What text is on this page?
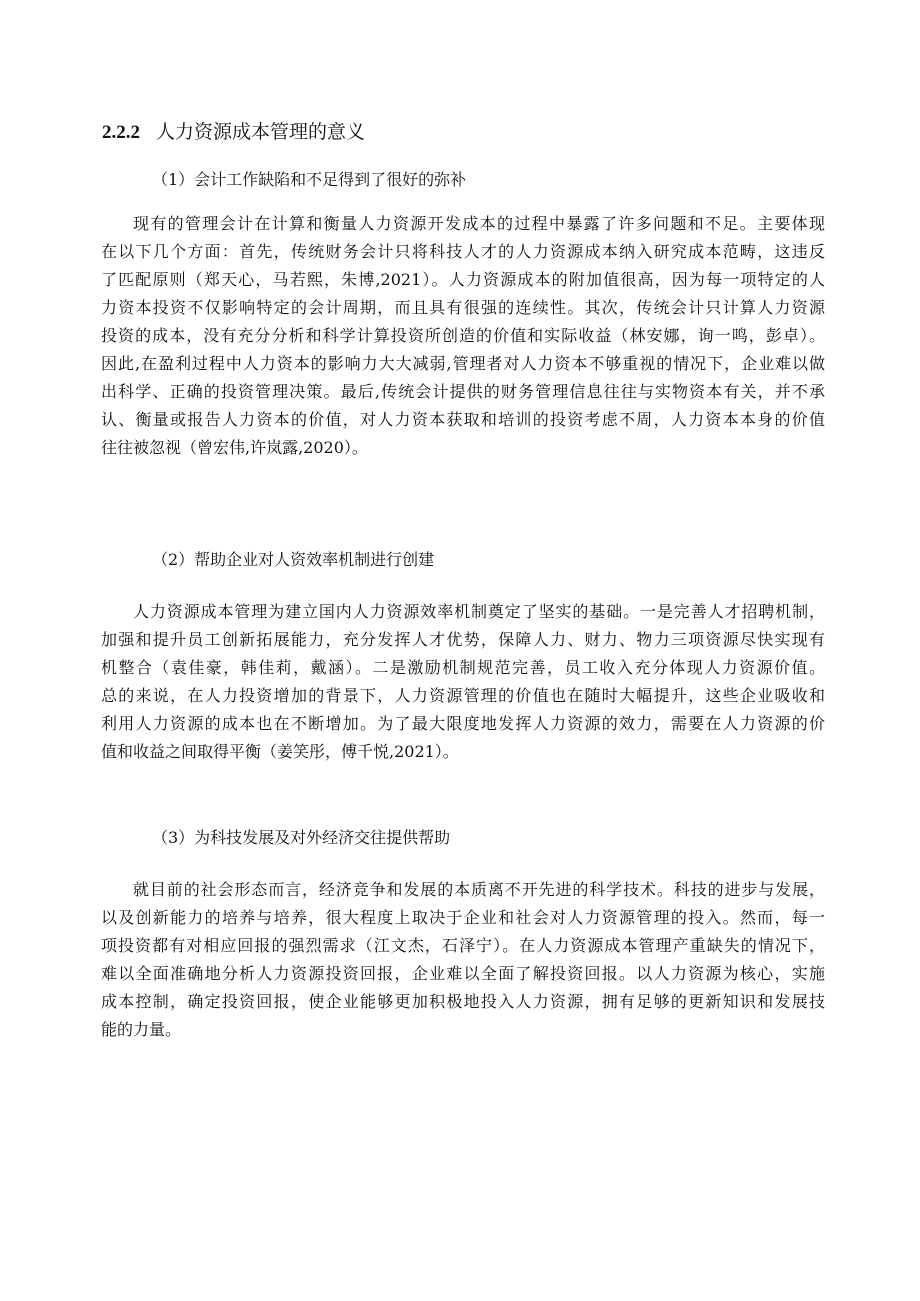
2.2.2 人力资源成本管理的意义
（1）会计工作缺陷和不足得到了很好的弥补
现有的管理会计在计算和衡量人力资源开发成本的过程中暴露了许多问题和不足。主要体现
在以下几个方面：首先，传统财务会计只将科技人才的人力资源成本纳入研究成本范畴，这违反
了匹配原则（郑天心，马若熙，朱博,2021）。人力资源成本的附加值很高，因为每一项特定的人
力资本投资不仅影响特定的会计周期，而且具有很强的连续性。其次，传统会计只计算人力资源
投资的成本，没有充分分析和科学计算投资所创造的价值和实际收益（林安娜，询一鸣，彭卓）。
因此,在盈利过程中人力资本的影响力大大减弱,管理者对人力资本不够重视的情况下，企业难以做
出科学、正确的投资管理决策。最后,传统会计提供的财务管理信息往往与实物资本有关，并不承
认、衡量或报告人力资本的价值，对人力资本获取和培训的投资考虑不周，人力资本本身的价值
往往被忽视（曾宏伟,许岚露,2020）。
（2）帮助企业对人资效率机制进行创建
人力资源成本管理为建立国内人力资源效率机制奠定了坚实的基础。一是完善人才招聘机制，
加强和提升员工创新拓展能力，充分发挥人才优势，保障人力、财力、物力三项资源尽快实现有
机整合（袁佳豪，韩佳莉，戴涵）。二是激励机制规范完善，员工收入充分体现人力资源价值。
总的来说，在人力投资增加的背景下，人力资源管理的价值也在随时大幅提升，这些企业吸收和
利用人力资源的成本也在不断增加。为了最大限度地发挥人力资源的效力，需要在人力资源的价
值和收益之间取得平衡（姜笑彤，傅千悦,2021）。
（3）为科技发展及对外经济交往提供帮助
就目前的社会形态而言，经济竞争和发展的本质离不开先进的科学技术。科技的进步与发展，
以及创新能力的培养与培养，很大程度上取决于企业和社会对人力资源管理的投入。然而，每一
项投资都有对相应回报的强烈需求（江文杰，石泽宁）。在人力资源成本管理产重缺失的情况下，
难以全面准确地分析人力资源投资回报，企业难以全面了解投资回报。以人力资源为核心，实施
成本控制，确定投资回报，使企业能够更加积极地投入人力资源，拥有足够的更新知识和发展技
能的力量。
